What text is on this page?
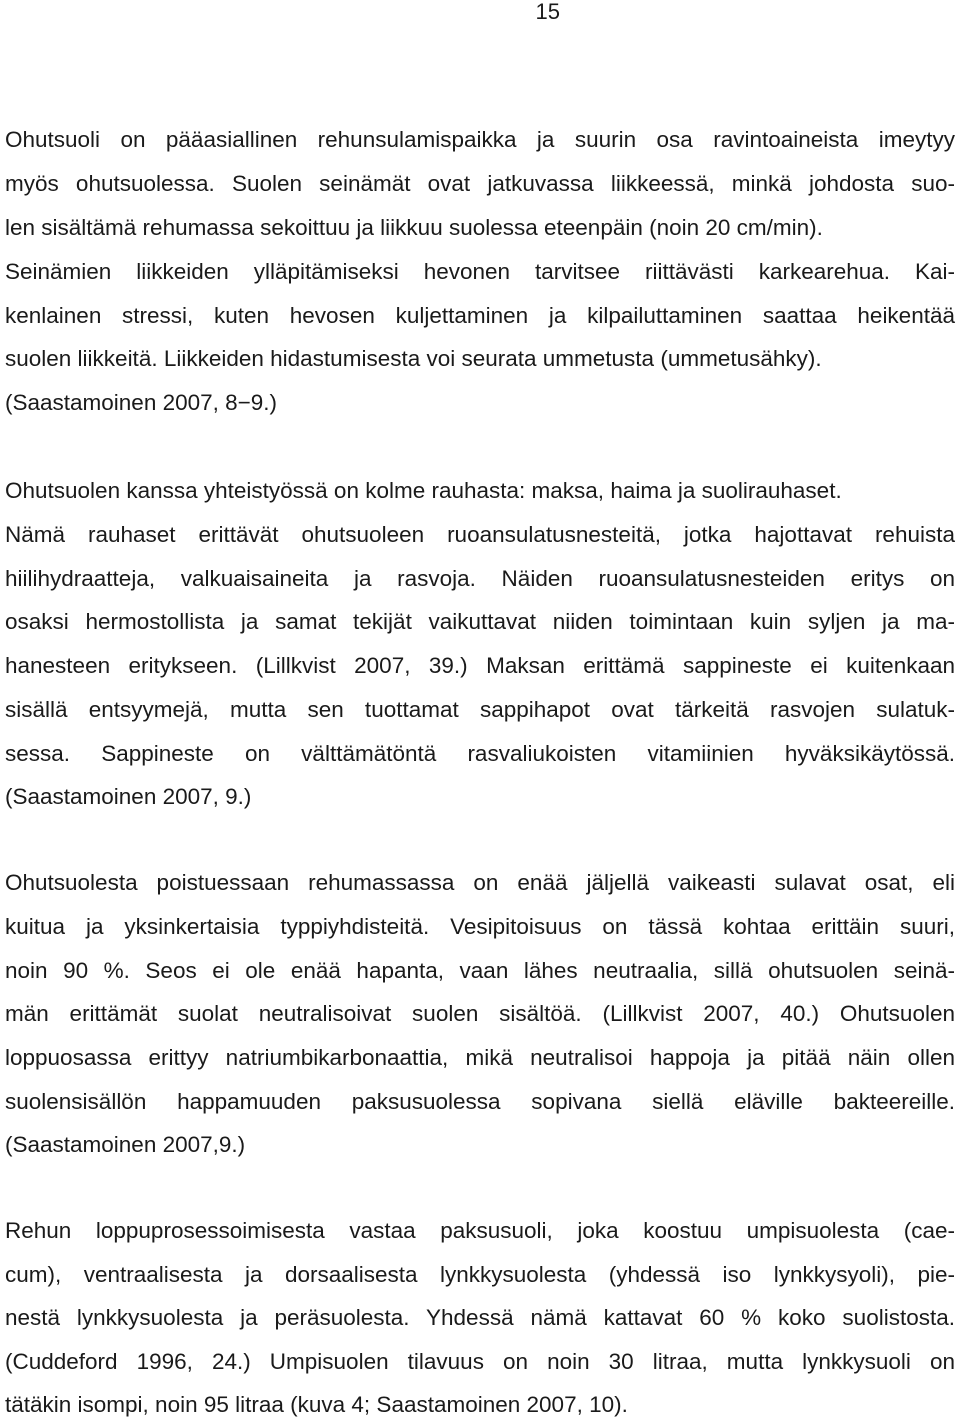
15

Ohutsuoli on pääasiallinen rehunsulamispaikka ja suurin osa ravintoaineista imeytyy

myös ohutsuolessa. Suolen seinämät ovat jatkuvassa liikkeessä, minkä johdosta suo-

len sisältämä rehumassa sekoittuu ja liikkuu suolessa eteenpäin (noin 20 cm/min).

Seinämien liikkeiden ylläpitämiseksi hevonen tarvitsee riittävästi karkearehua. Kai-

kenlainen stressi, kuten hevosen kuljettaminen ja kilpailuttaminen saattaa heikentää

suolen liikkeitä. Liikkeiden hidastumisesta voi seurata ummetusta (ummetusähky).

(Saastamoinen 2007, 8−9.)

Ohutsuolen kanssa yhteistyössä on kolme rauhasta: maksa, haima ja suolirauhaset.

Nämä rauhaset erittävät ohutsuoleen ruoansulatusnesteitä, jotka hajottavat rehuista

hiilihydraatteja, valkuaisaineita ja rasvoja. Näiden ruoansulatusnesteiden eritys on

osaksi hermostollista ja samat tekijät vaikuttavat niiden toimintaan kuin syljen ja ma-

hanesteen eritykseen. (Lillkvist 2007, 39.) Maksan erittämä sappineste ei kuitenkaan

sisällä entsyymejä, mutta sen tuottamat sappihapot ovat tärkeitä rasvojen sulatuk-

sessa. Sappineste on välttämätöntä rasvaliukoisten vitamiinien hyväksikäytössä.

(Saastamoinen 2007, 9.)

Ohutsuolesta poistuessaan rehumassassa on enää jäljellä vaikeasti sulavat osat, eli

kuitua ja yksinkertaisia typpiyhdisteitä. Vesipitoisuus on tässä kohtaa erittäin suuri,

noin 90 %. Seos ei ole enää hapanta, vaan lähes neutraalia, sillä ohutsuolen seinä-

män erittämät suolat neutralisoivat suolen sisältöä. (Lillkvist 2007, 40.) Ohutsuolen

loppuosassa erittyy natriumbikarbonaattia, mikä neutralisoi happoja ja pitää näin ollen

suolensisällön happamuuden paksusuolessa sopivana siellä eläville bakteereille.

(Saastamoinen 2007,9.)

Rehun loppuprosessoimisesta vastaa paksusuoli, joka koostuu umpisuolesta (cae-

cum), ventraalisesta ja dorsaalisesta lynkkysuolesta (yhdessä iso lynkkysyoli), pie-

nestä lynkkysuolesta ja peräsuolesta. Yhdessä nämä kattavat 60 % koko suolistosta.

(Cuddeford 1996, 24.) Umpisuolen tilavuus on noin 30 litraa, mutta lynkkysuoli on

tätäkin isompi, noin 95 litraa (kuva 4; Saastamoinen 2007, 10).
